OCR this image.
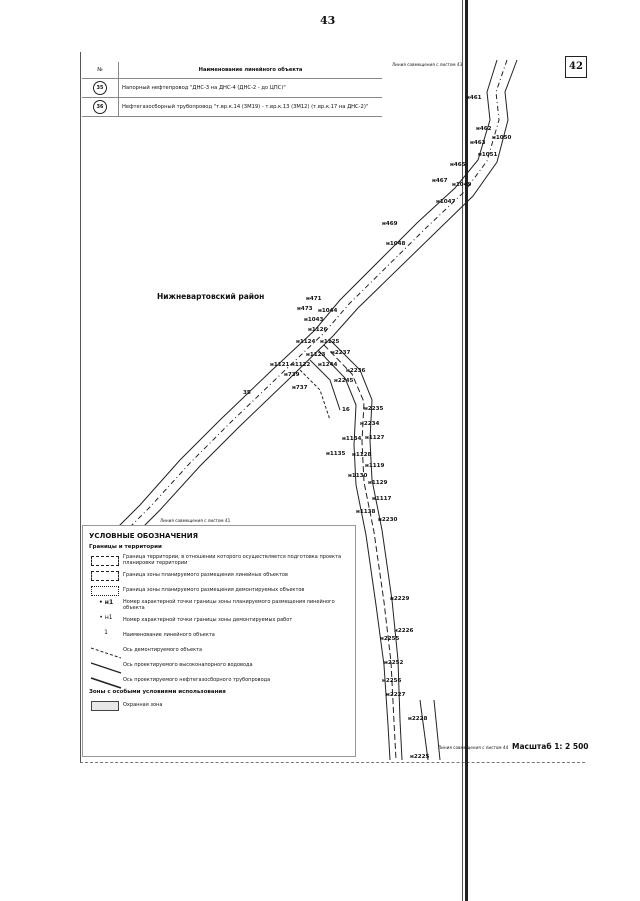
43
42
н461
н462
н1050
н463
н1051
н465
н467
н1049
н1047
н469
н1048
н471
н473 н1044
н1043
н1126
н1124 н1125
н2237
н1123
н1122 н1244
н2236
н1121
н739
н2245
н737
35
16	н2235
н2234
н1134 н1127
н1135 н1128
н1119
н1130
н1129
н1117
н1138
н2230
н2229
н2226
н2255
н2252
н2256
н2227
н2228
н2225
№	Наименование линейного объекта
35	Напорный нефтепровод "ДНС-3 на ДНС-4 (ДНС-2 - до ЦПС)"
36	Нефтегазосборный трубопровод "т.вр.к.14 (3М19) - т.вр.к.13 (3М12) (т.вр.к.17 на ДНС-2)"
Линия совмещения с листом 43
Линия совмещения с листом 41
Линия совмещения с листом 44
Нижневартовский район
УСЛОВНЫЕ ОБОЗНАЧЕНИЯ
Границы и территории
Граница территории, в отношении которого осуществляется подготовка проекта планировки территории
Граница зоны планируемого размещения линейных объектов
Граница зоны планируемого размещения демонтируемых объектов
• н1	Номер характерной точки границы зоны планируемого размещения линейного объекта
• н1	Номер характерной точки границы зоны демонтируемых работ
1	Наименование линейного объекта
Ось демонтируемого объекта
Ось проектируемого высоконапорного водовода
Ось проектируемого нефтегазосборного трубопровода
Зоны с особыми условиями использования
Охранная зона
Масштаб 1: 2 500
